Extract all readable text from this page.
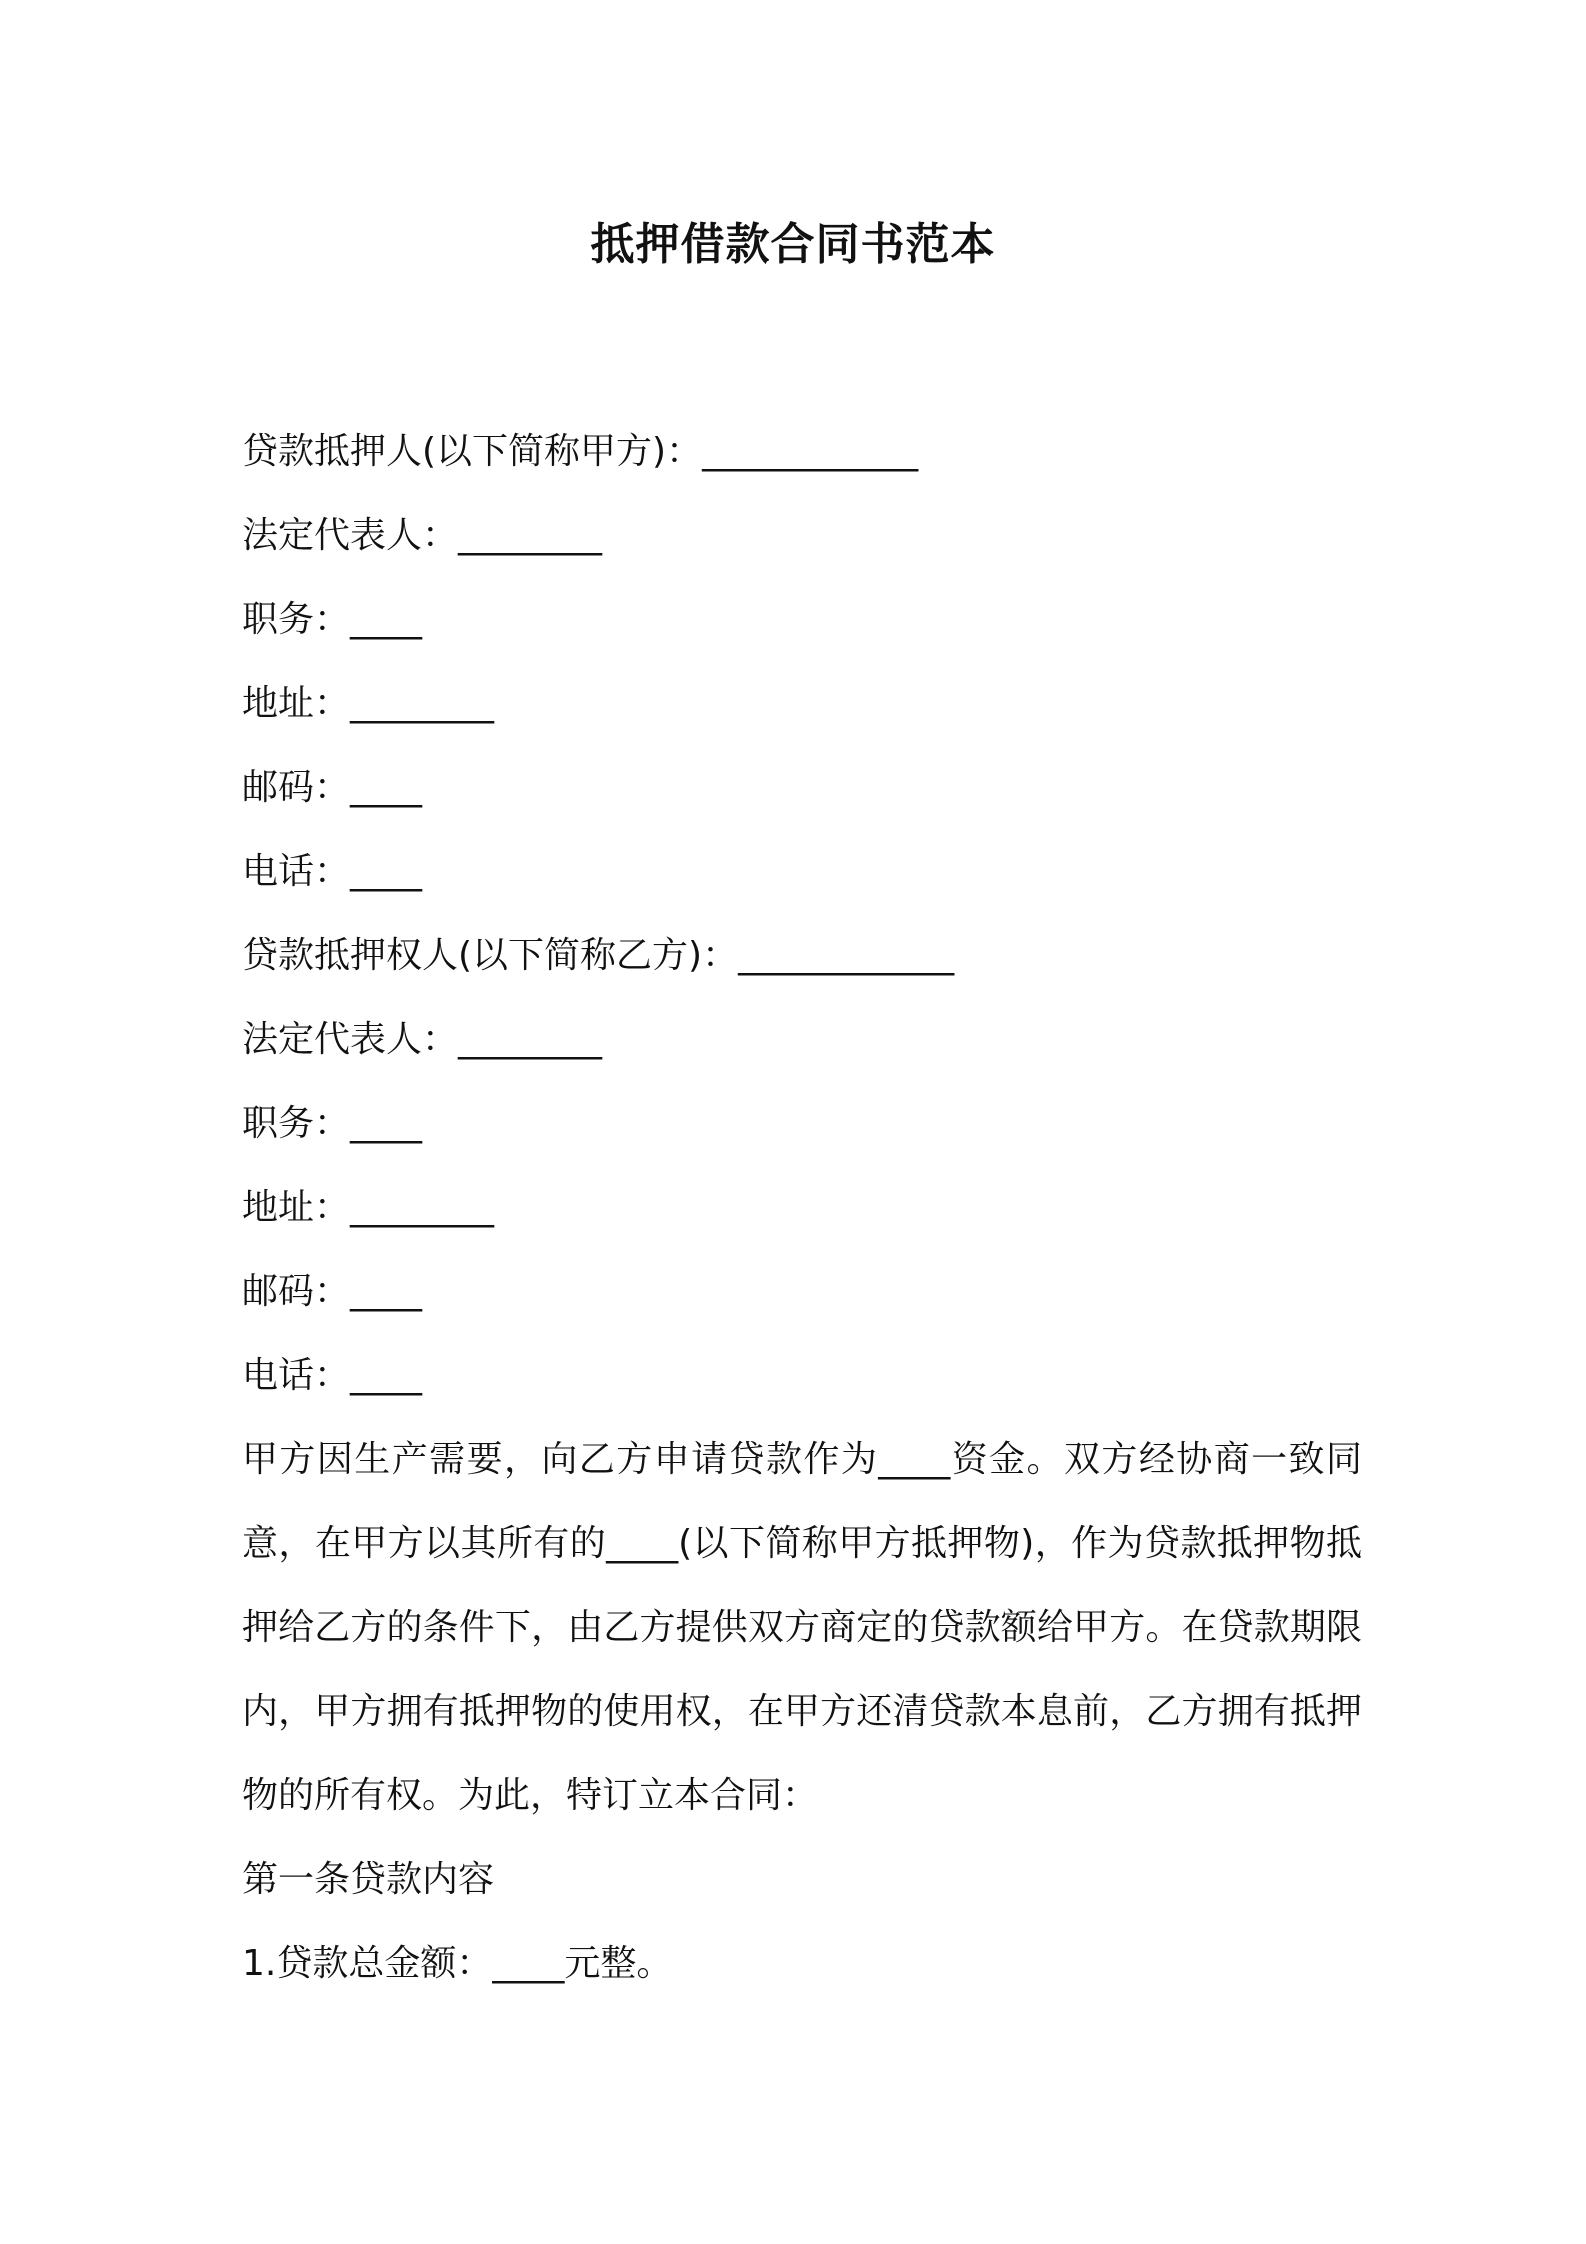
抵押借款合同书范本
贷款抵押人(以下简称甲方)：____________
法定代表人：________
职务：____
地址：________
邮码：____
电话：____
贷款抵押权人(以下简称乙方)：____________
法定代表人：________
职务：____
地址：________
邮码：____
电话：____
甲方因生产需要，向乙方申请贷款作为____资金。双方经协商一致同意，在甲方以其所有的____(以下简称甲方抵押物)，作为贷款抵押物抵押给乙方的条件下，由乙方提供双方商定的贷款额给甲方。在贷款期限内，甲方拥有抵押物的使用权，在甲方还清贷款本息前，乙方拥有抵押物的所有权。为此，特订立本合同：
第一条贷款内容
1.贷款总金额：____元整。
